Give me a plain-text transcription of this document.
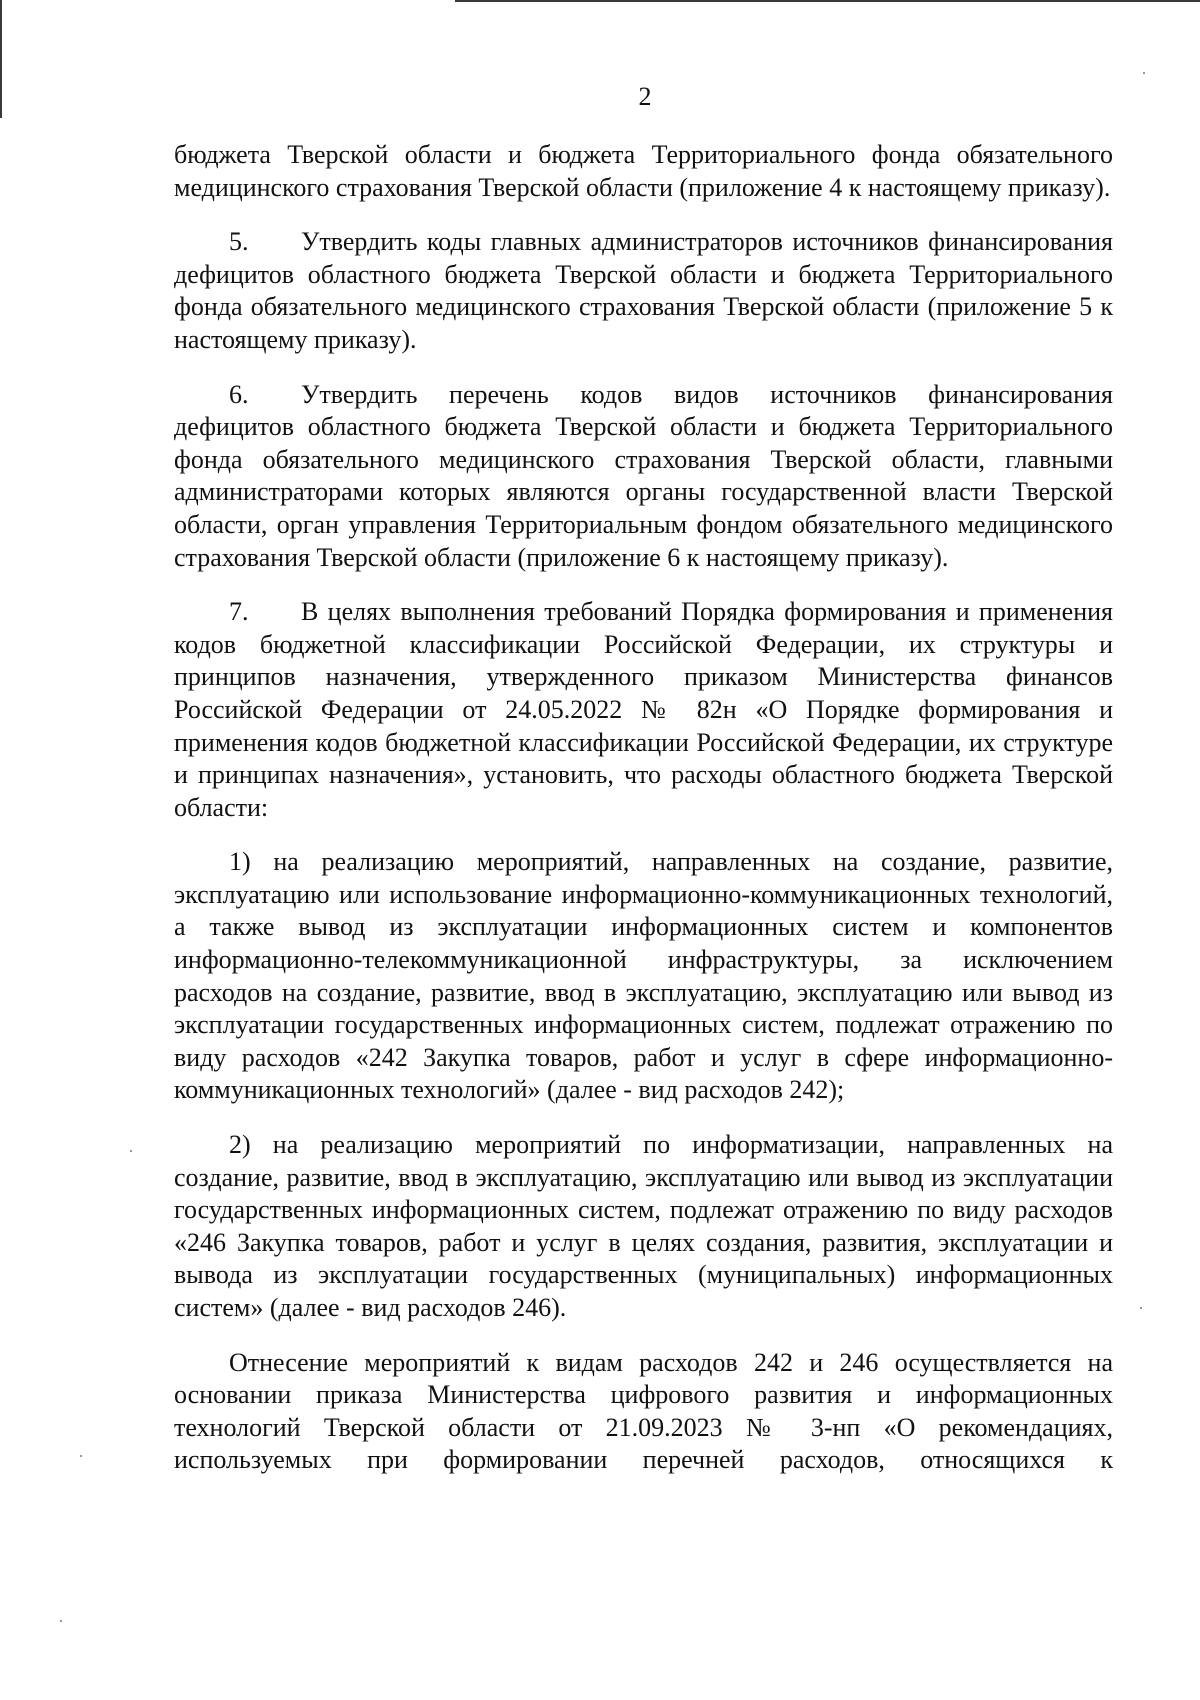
2

бюджета Тверской области и бюджета Территориального фонда обязательного медицинского страхования Тверской области (приложение 4 к настоящему приказу).

5. Утвердить коды главных администраторов источников финансирования дефицитов областного бюджета Тверской области и бюджета Территориального фонда обязательного медицинского страхования Тверской области (приложение 5 к настоящему приказу).

6. Утвердить перечень кодов видов источников финансирования дефицитов областного бюджета Тверской области и бюджета Территориального фонда обязательного медицинского страхования Тверской области, главными администраторами которых являются органы государственной власти Тверской области, орган управления Территориальным фондом обязательного медицинского страхования Тверской области (приложение 6 к настоящему приказу).

7. В целях выполнения требований Порядка формирования и применения кодов бюджетной классификации Российской Федерации, их структуры и принципов назначения, утвержденного приказом Министерства финансов Российской Федерации от 24.05.2022 № 82н «О Порядке формирования и применения кодов бюджетной классификации Российской Федерации, их структуре и принципах назначения», установить, что расходы областного бюджета Тверской области:

1) на реализацию мероприятий, направленных на создание, развитие, эксплуатацию или использование информационно-коммуникационных технологий, а также вывод из эксплуатации информационных систем и компонентов информационно-телекоммуникационной инфраструктуры, за исключением расходов на создание, развитие, ввод в эксплуатацию, эксплуатацию или вывод из эксплуатации государственных информационных систем, подлежат отражению по виду расходов «242 Закупка товаров, работ и услуг в сфере информационно-коммуникационных технологий» (далее - вид расходов 242);

2) на реализацию мероприятий по информатизации, направленных на создание, развитие, ввод в эксплуатацию, эксплуатацию или вывод из эксплуатации государственных информационных систем, подлежат отражению по виду расходов «246 Закупка товаров, работ и услуг в целях создания, развития, эксплуатации и вывода из эксплуатации государственных (муниципальных) информационных систем» (далее - вид расходов 246).

Отнесение мероприятий к видам расходов 242 и 246 осуществляется на основании приказа Министерства цифрового развития и информационных технологий Тверской области от 21.09.2023 № 3-нп «О рекомендациях, используемых при формировании перечней расходов, относящихся к
